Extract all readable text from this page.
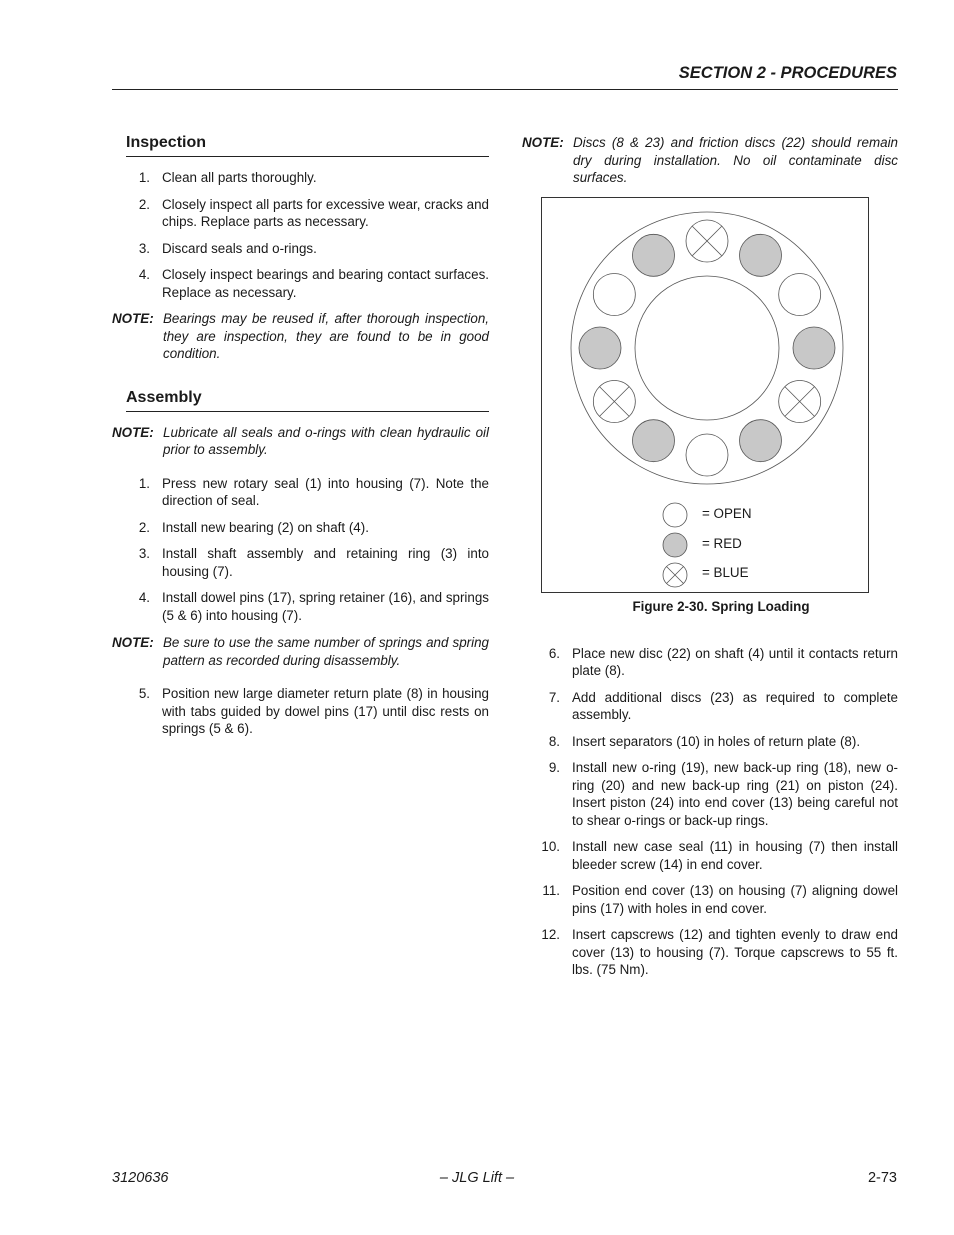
SECTION 2 - PROCEDURES
Inspection
1. Clean all parts thoroughly.
2. Closely inspect all parts for excessive wear, cracks and chips. Replace parts as necessary.
3. Discard seals and o-rings.
4. Closely inspect bearings and bearing contact surfaces. Replace as necessary.
NOTE: Bearings may be reused if, after thorough inspection, they are inspection, they are found to be in good condition.
Assembly
NOTE: Lubricate all seals and o-rings with clean hydraulic oil prior to assembly.
1. Press new rotary seal (1) into housing (7). Note the direction of seal.
2. Install new bearing (2) on shaft (4).
3. Install shaft assembly and retaining ring (3) into housing (7).
4. Install dowel pins (17), spring retainer (16), and springs (5 & 6) into housing (7).
NOTE: Be sure to use the same number of springs and spring pattern as recorded during disassembly.
5. Position new large diameter return plate (8) in housing with tabs guided by dowel pins (17) until disc rests on springs (5 & 6).
NOTE: Discs (8 & 23) and friction discs (22) should remain dry during installation. No oil contaminate disc surfaces.
= OPEN
= RED
= BLUE
Figure 2-30. Spring Loading
6. Place new disc (22) on shaft (4) until it contacts return plate (8).
7. Add additional discs (23) as required to complete assembly.
8. Insert separators (10) in holes of return plate (8).
9. Install new o-ring (19), new back-up ring (18), new o-ring (20) and new back-up ring (21) on piston (24). Insert piston (24) into end cover (13) being careful not to shear o-rings or back-up rings.
10. Install new case seal (11) in housing (7) then install bleeder screw (14) in end cover.
11. Position end cover (13) on housing (7) aligning dowel pins (17) with holes in end cover.
12. Insert capscrews (12) and tighten evenly to draw end cover (13) to housing (7). Torque capscrews to 55 ft. lbs. (75 Nm).
3120636	– JLG Lift –	2-73
